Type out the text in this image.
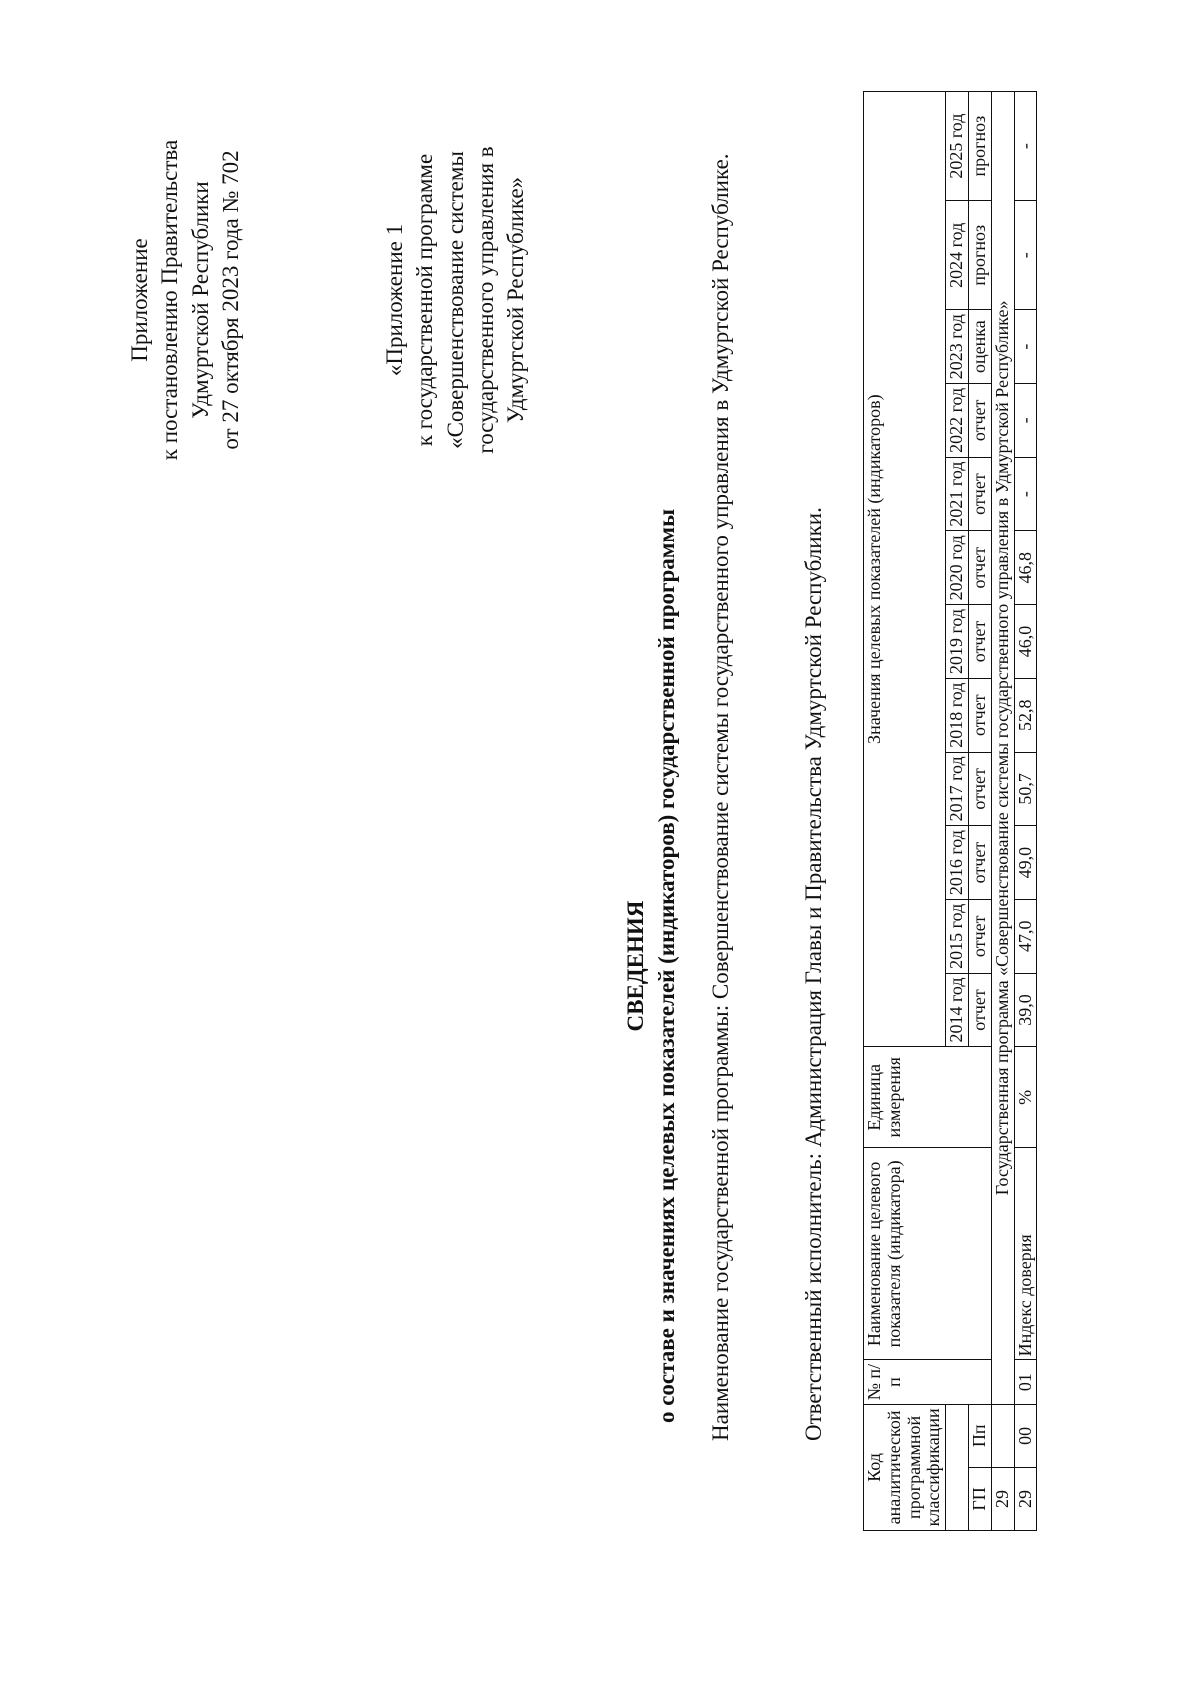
Приложение к постановлению Правительства Удмуртской Республики от 27 октября 2023 года № 702	«Приложение 1 к государственной программе «Совершенствование системы государственного управления в Удмуртской Республике»
СВЕДЕНИЯ о составе и значениях целевых показателей (индикаторов) государственной программы Наименование государственной программы: Совершенствование системы государственного управления в Удмуртской Республике.	Ответственный исполнитель: Администрация Главы и Правительства Удмуртской Республики.
Код аналитической программной классификации		№ п/п	Наименование целевого показателя (индикатора)	Единица измерения	Значения целевых показателей (индикаторов)											
					2014 год	2015 год	2016 год	2017 год	2018 год	2019 год	2020 год	2021 год	2022 год	2023 год	2024 год	2025 год
ГП	Пп				отчет	отчет	отчет	отчет	отчет	отчет	отчет	отчет	отчет	оценка	прогноз	прогноз
29		Государственная программа «Совершенствование системы государственного управления в Удмуртской Республике»														
29	00	01	Индекс доверия	%	39,0	47,0	49,0	50,7	52,8	46,0	46,8	-	-	-	-	-
